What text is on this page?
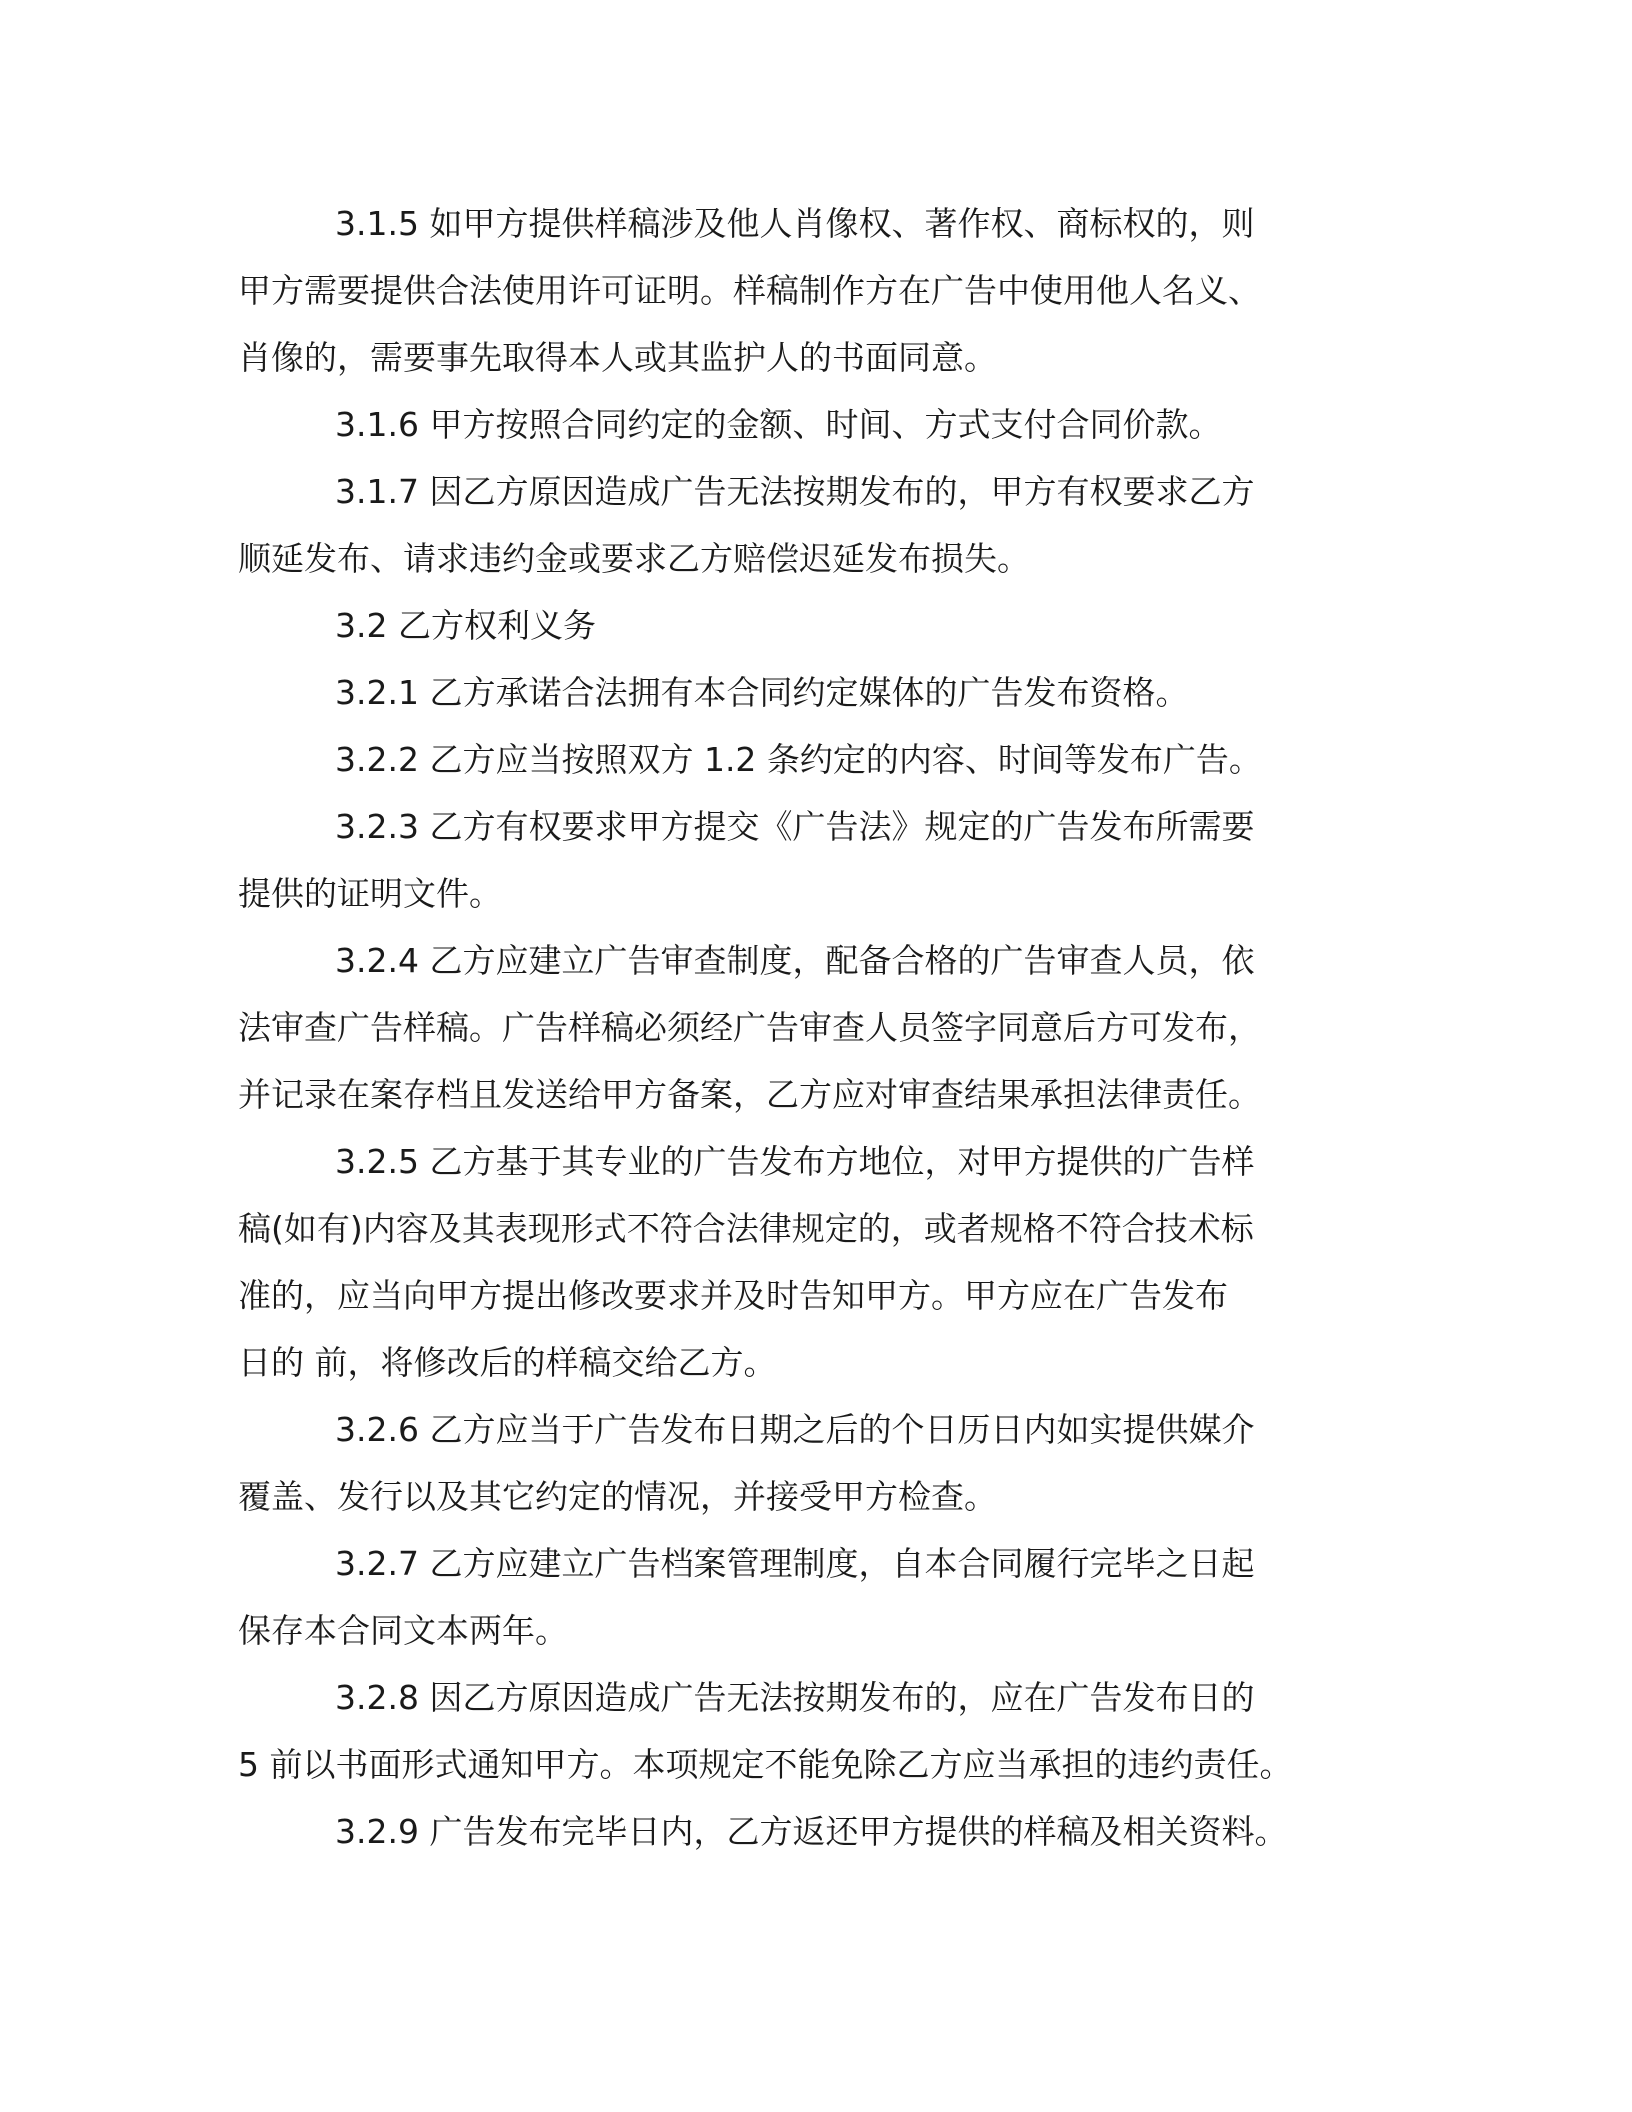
3.1.5 如甲方提供样稿涉及他人肖像权、著作权、商标权的，则
甲方需要提供合法使用许可证明。样稿制作方在广告中使用他人名义、
肖像的，需要事先取得本人或其监护人的书面同意。

3.1.6 甲方按照合同约定的金额、时间、方式支付合同价款。

3.1.7 因乙方原因造成广告无法按期发布的，甲方有权要求乙方
顺延发布、请求违约金或要求乙方赔偿迟延发布损失。

3.2 乙方权利义务

3.2.1 乙方承诺合法拥有本合同约定媒体的广告发布资格。

3.2.2 乙方应当按照双方 1.2 条约定的内容、时间等发布广告。

3.2.3 乙方有权要求甲方提交《广告法》规定的广告发布所需要
提供的证明文件。

3.2.4 乙方应建立广告审查制度，配备合格的广告审查人员，依
法审查广告样稿。广告样稿必须经广告审查人员签字同意后方可发布，
并记录在案存档且发送给甲方备案，乙方应对审查结果承担法律责任。

3.2.5 乙方基于其专业的广告发布方地位，对甲方提供的广告样
稿(如有)内容及其表现形式不符合法律规定的，或者规格不符合技术标
准的，应当向甲方提出修改要求并及时告知甲方。甲方应在广告发布
日的 前，将修改后的样稿交给乙方。

3.2.6 乙方应当于广告发布日期之后的个日历日内如实提供媒介
覆盖、发行以及其它约定的情况，并接受甲方检查。

3.2.7 乙方应建立广告档案管理制度，自本合同履行完毕之日起
保存本合同文本两年。

3.2.8 因乙方原因造成广告无法按期发布的，应在广告发布日的
5 前以书面形式通知甲方。本项规定不能免除乙方应当承担的违约责任。

3.2.9 广告发布完毕日内，乙方返还甲方提供的样稿及相关资料。
